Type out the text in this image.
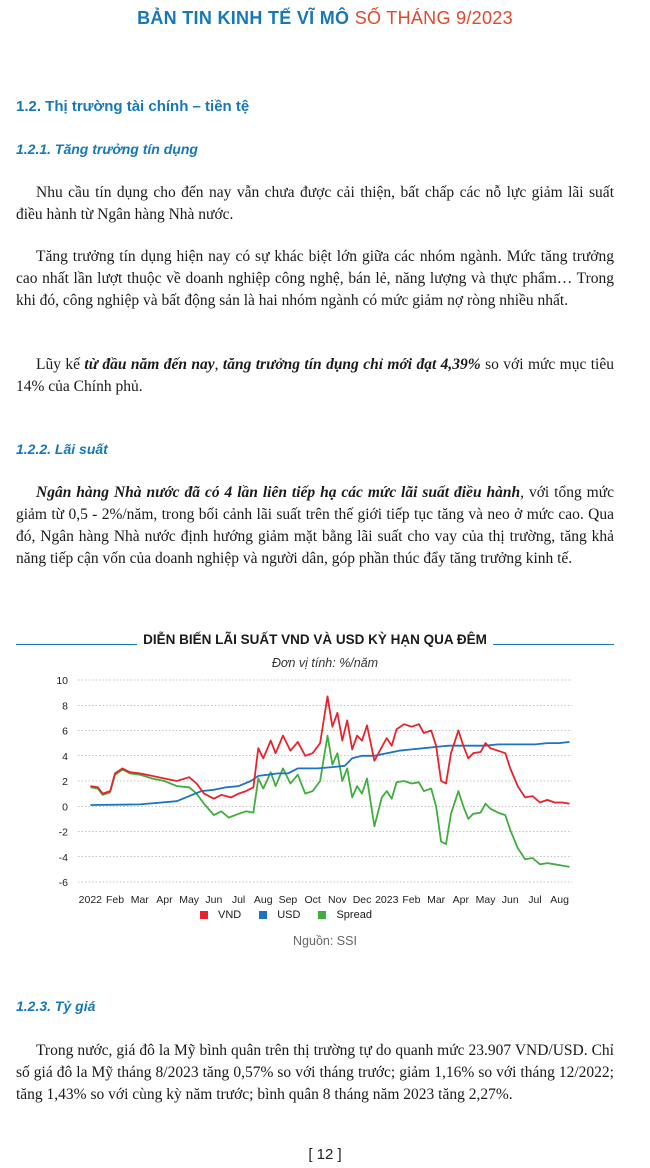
BẢN TIN KINH TẾ VĨ MÔ SỐ THÁNG 9/2023
1.2. Thị trường tài chính – tiền tệ
1.2.1. Tăng trưởng tín dụng
Nhu cầu tín dụng cho đến nay vẫn chưa được cải thiện, bất chấp các nỗ lực giảm lãi suất điều hành từ Ngân hàng Nhà nước.
Tăng trưởng tín dụng hiện nay có sự khác biệt lớn giữa các nhóm ngành. Mức tăng trưởng cao nhất lần lượt thuộc về doanh nghiệp công nghệ, bán lẻ, năng lượng và thực phẩm… Trong khi đó, công nghiệp và bất động sản là hai nhóm ngành có mức giảm nợ ròng nhiều nhất.
Lũy kế từ đầu năm đến nay, tăng trưởng tín dụng chỉ mới đạt 4,39% so với mức mục tiêu 14% của Chính phủ.
1.2.2. Lãi suất
Ngân hàng Nhà nước đã có 4 lần liên tiếp hạ các mức lãi suất điều hành, với tổng mức giảm từ 0,5 - 2%/năm, trong bối cảnh lãi suất trên thế giới tiếp tục tăng và neo ở mức cao. Qua đó, Ngân hàng Nhà nước định hướng giảm mặt bằng lãi suất cho vay của thị trường, tăng khả năng tiếp cận vốn của doanh nghiệp và người dân, góp phần thúc đẩy tăng trưởng kinh tế.
DIỄN BIẾN LÃI SUẤT VND VÀ USD KỲ HẠN QUA ĐÊM
Đơn vị tính: %/năm
10
8
6
4
2
0
-2
-4
-6
2022 Feb Mar Apr May Jun Jul Aug Sep Oct Nov Dec 2023 Feb Mar Apr May Jun Jul Aug
VND	USD	Spread
Nguồn: SSI
1.2.3. Tỷ giá
Trong nước, giá đô la Mỹ bình quân trên thị trường tự do quanh mức 23.907 VND/USD. Chỉ số giá đô la Mỹ tháng 8/2023 tăng 0,57% so với tháng trước; giảm 1,16% so với tháng 12/2022; tăng 1,43% so với cùng kỳ năm trước; bình quân 8 tháng năm 2023 tăng 2,27%.
[ 12 ]
